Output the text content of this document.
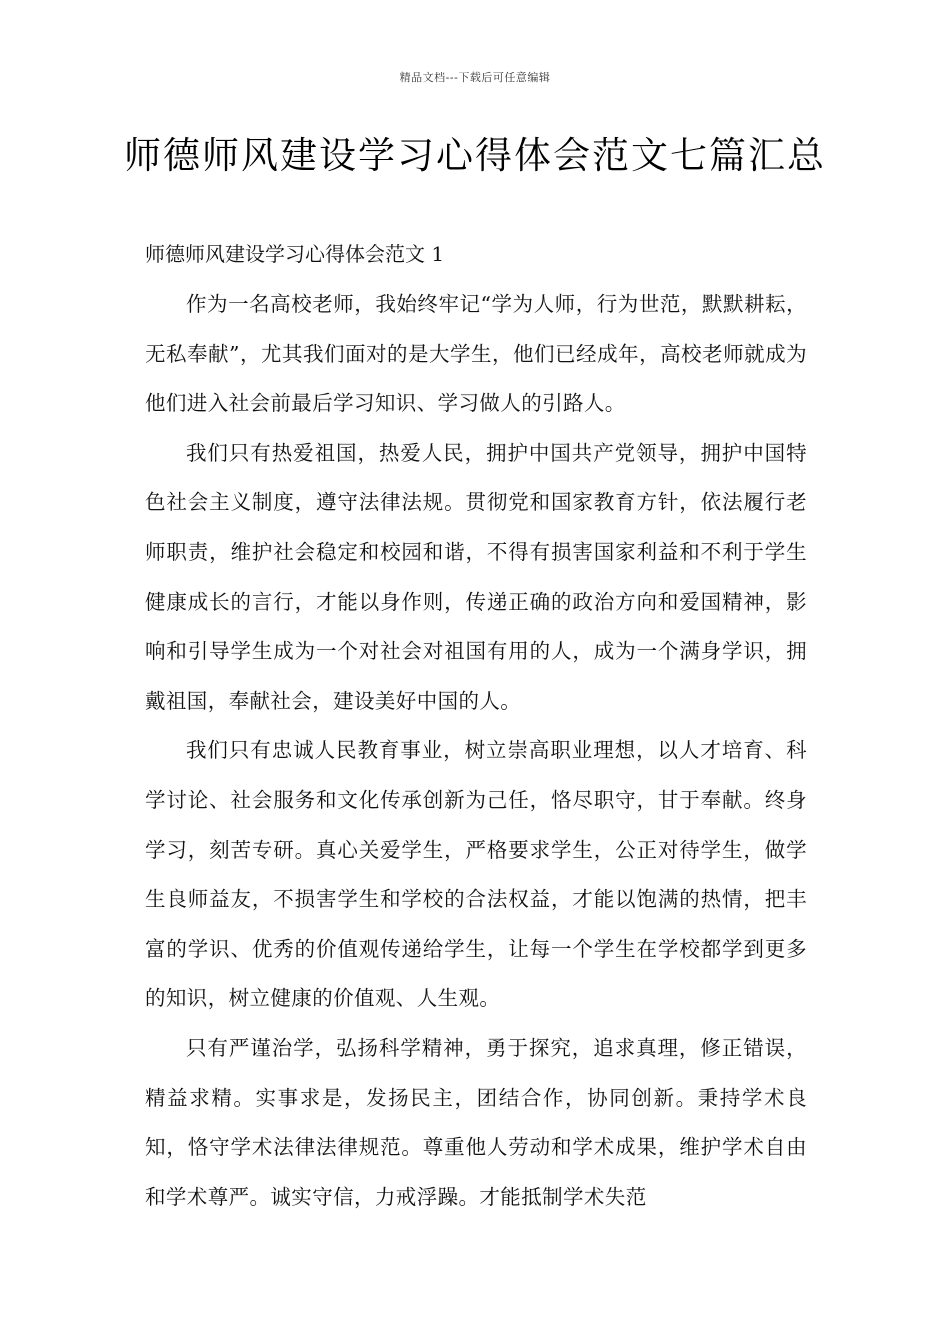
精品文档---下载后可任意编辑
师德师风建设学习心得体会范文七篇汇总
师德师风建设学习心得体会范文 1

作为一名高校老师，我始终牢记“学为人师，行为世范，默默耕耘，无私奉献”，尤其我们面对的是大学生，他们已经成年，高校老师就成为他们进入社会前最后学习知识、学习做人的引路人。

我们只有热爱祖国，热爱人民，拥护中国共产党领导，拥护中国特色社会主义制度，遵守法律法规。贯彻党和国家教育方针，依法履行老师职责，维护社会稳定和校园和谐，不得有损害国家利益和不利于学生健康成长的言行，才能以身作则，传递正确的政治方向和爱国精神，影响和引导学生成为一个对社会对祖国有用的人，成为一个满身学识，拥戴祖国，奉献社会，建设美好中国的人。

我们只有忠诚人民教育事业，树立崇高职业理想，以人才培育、科学讨论、社会服务和文化传承创新为己任，恪尽职守，甘于奉献。终身学习，刻苦专研。真心关爱学生，严格要求学生，公正对待学生，做学生良师益友，不损害学生和学校的合法权益，才能以饱满的热情，把丰富的学识、优秀的价值观传递给学生，让每一个学生在学校都学到更多的知识，树立健康的价值观、人生观。

只有严谨治学，弘扬科学精神，勇于探究，追求真理，修正错误，精益求精。实事求是，发扬民主，团结合作，协同创新。秉持学术良知，恪守学术法律法律规范。尊重他人劳动和学术成果，维护学术自由和学术尊严。诚实守信，力戒浮躁。才能抵制学术失范
